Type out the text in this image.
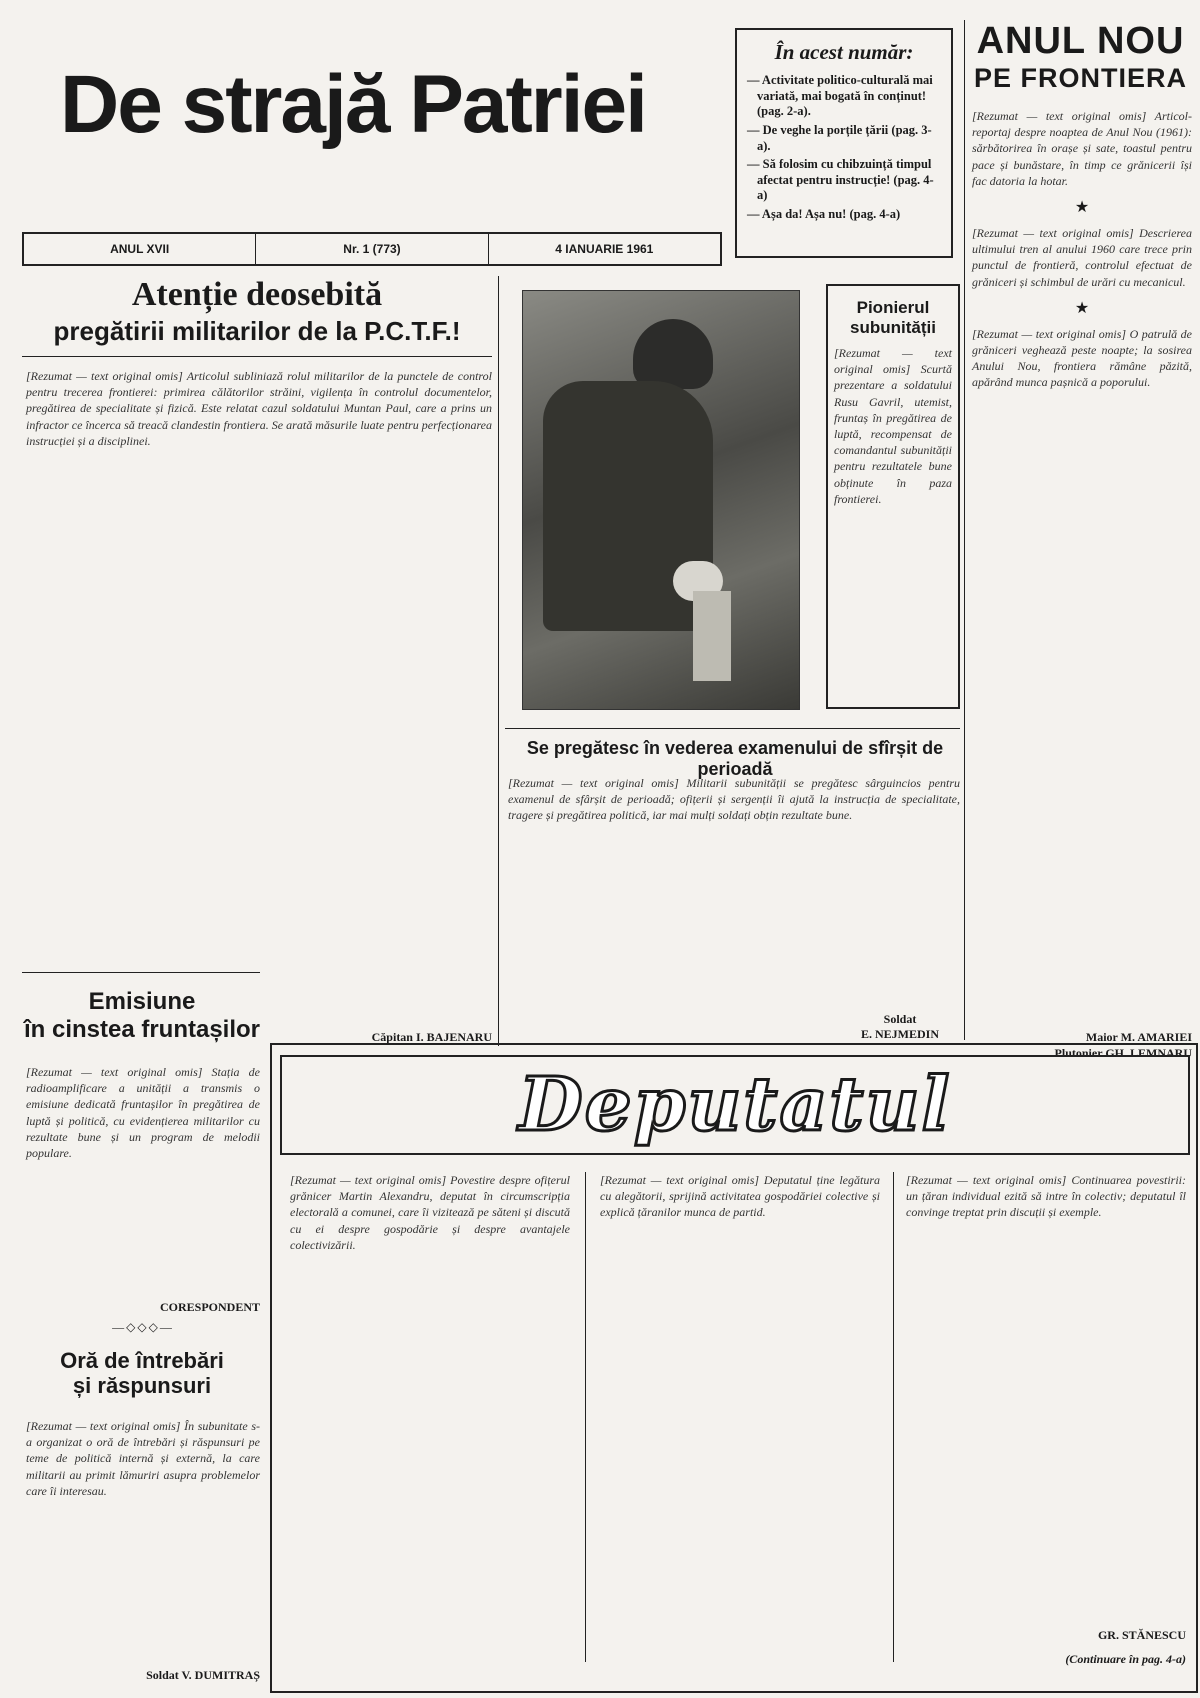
De strajă Patriei
ANUL XVII	Nr. 1 (773)	4 IANUARIE 1961
În acest număr:
— Activitate politico-culturală mai variată, mai bogată în conținut! (pag. 2-a).
— De veghe la porțile țării (pag. 3-a).
— Să folosim cu chibzuință timpul afectat pentru instrucție! (pag. 4-a)
— Așa da! Așa nu! (pag. 4-a)
ANUL NOU
PE FRONTIERA
[Rezumat — text original omis] Articol-reportaj despre noaptea de Anul Nou (1961): sărbătorirea în orașe și sate, toastul pentru pace și bunăstare, în timp ce grănicerii își fac datoria la hotar.
★
[Rezumat — text original omis] Descrierea ultimului tren al anului 1960 care trece prin punctul de frontieră, controlul efectuat de grăniceri și schimbul de urări cu mecanicul.
★
[Rezumat — text original omis] O patrulă de grăniceri veghează peste noapte; la sosirea Anului Nou, frontiera rămâne păzită, apărând munca pașnică a poporului.
Maior M. AMARIEI
Plutonier GH. LEMNARU
Atenție deosebită
pregătirii militarilor de la P.C.T.F.!
[Rezumat — text original omis] Articolul subliniază rolul militarilor de la punctele de control pentru trecerea frontierei: primirea călătorilor străini, vigilența în controlul documentelor, pregătirea de specialitate și fizică. Este relatat cazul soldatului Muntan Paul, care a prins un infractor ce încerca să treacă clandestin frontiera. Se arată măsurile luate pentru perfecționarea instrucției și a disciplinei.
Căpitan I. BAJENARU
Pionierul subunității
[Rezumat — text original omis] Scurtă prezentare a soldatului Rusu Gavril, utemist, fruntaș în pregătirea de luptă, recompensat de comandantul subunității pentru rezultatele bune obținute în paza frontierei.
Se pregătesc în vederea examenului de sfîrșit de perioadă
[Rezumat — text original omis] Militarii subunității se pregătesc sârguincios pentru examenul de sfârșit de perioadă; ofițerii și sergenții îi ajută la instrucția de specialitate, tragere și pregătirea politică, iar mai mulți soldați obțin rezultate bune.
Soldat
E. NEJMEDIN
Emisiune
în cinstea fruntașilor
[Rezumat — text original omis] Stația de radioamplificare a unității a transmis o emisiune dedicată fruntașilor în pregătirea de luptă și politică, cu evidențierea militarilor cu rezultate bune și un program de melodii populare.
CORESPONDENT
—◇◇◇—
Oră de întrebări
și răspunsuri
[Rezumat — text original omis] În subunitate s-a organizat o oră de întrebări și răspunsuri pe teme de politică internă și externă, la care militarii au primit lămuriri asupra problemelor care îi interesau.
Soldat V. DUMITRAȘ
Deputatul
[Rezumat — text original omis] Povestire despre ofițerul grănicer Martin Alexandru, deputat în circumscripția electorală a comunei, care îi vizitează pe săteni și discută cu ei despre gospodărie și despre avantajele colectivizării.
[Rezumat — text original omis] Deputatul ține legătura cu alegătorii, sprijină activitatea gospodăriei colective și explică țăranilor munca de partid.
[Rezumat — text original omis] Continuarea povestirii: un țăran individual ezită să intre în colectiv; deputatul îl convinge treptat prin discuții și exemple.
GR. STĂNESCU
(Continuare în pag. 4-a)
